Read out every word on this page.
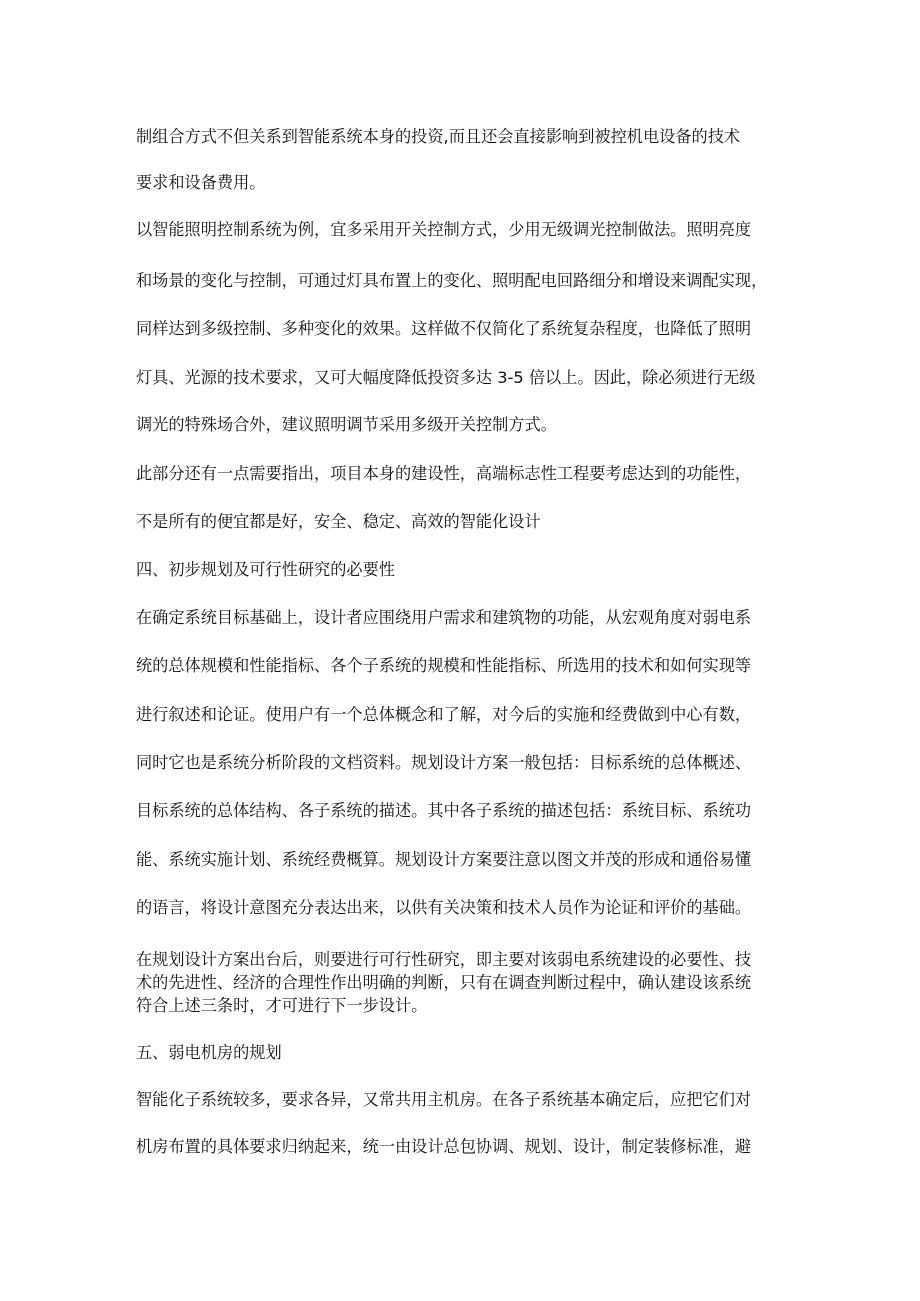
制组合方式不但关系到智能系统本身的投资,而且还会直接影响到被控机电设备的技术
要求和设备费用。
以智能照明控制系统为例，宜多采用开关控制方式，少用无级调光控制做法。照明亮度
和场景的变化与控制，可通过灯具布置上的变化、照明配电回路细分和增设来调配实现，
同样达到多级控制、多种变化的效果。这样做不仅简化了系统复杂程度，也降低了照明
灯具、光源的技术要求，又可大幅度降低投资多达 3-5 倍以上。因此，除必须进行无级
调光的特殊场合外，建议照明调节采用多级开关控制方式。
此部分还有一点需要指出，项目本身的建设性，高端标志性工程要考虑达到的功能性，
不是所有的便宜都是好，安全、稳定、高效的智能化设计
四、初步规划及可行性研究的必要性
在确定系统目标基础上，设计者应围绕用户需求和建筑物的功能，从宏观角度对弱电系
统的总体规模和性能指标、各个子系统的规模和性能指标、所选用的技术和如何实现等
进行叙述和论证。使用户有一个总体概念和了解，对今后的实施和经费做到中心有数，
同时它也是系统分析阶段的文档资料。规划设计方案一般包括：目标系统的总体概述、
目标系统的总体结构、各子系统的描述。其中各子系统的描述包括：系统目标、系统功
能、系统实施计划、系统经费概算。规划设计方案要注意以图文并茂的形成和通俗易懂
的语言，将设计意图充分表达出来，以供有关决策和技术人员作为论证和评价的基础。
在规划设计方案出台后，则要进行可行性研究，即主要对该弱电系统建设的必要性、技
术的先进性、经济的合理性作出明确的判断，只有在调查判断过程中，确认建设该系统
符合上述三条时，才可进行下一步设计。
五、弱电机房的规划
智能化子系统较多，要求各异，又常共用主机房。在各子系统基本确定后，应把它们对
机房布置的具体要求归纳起来，统一由设计总包协调、规划、设计，制定装修标准，避
